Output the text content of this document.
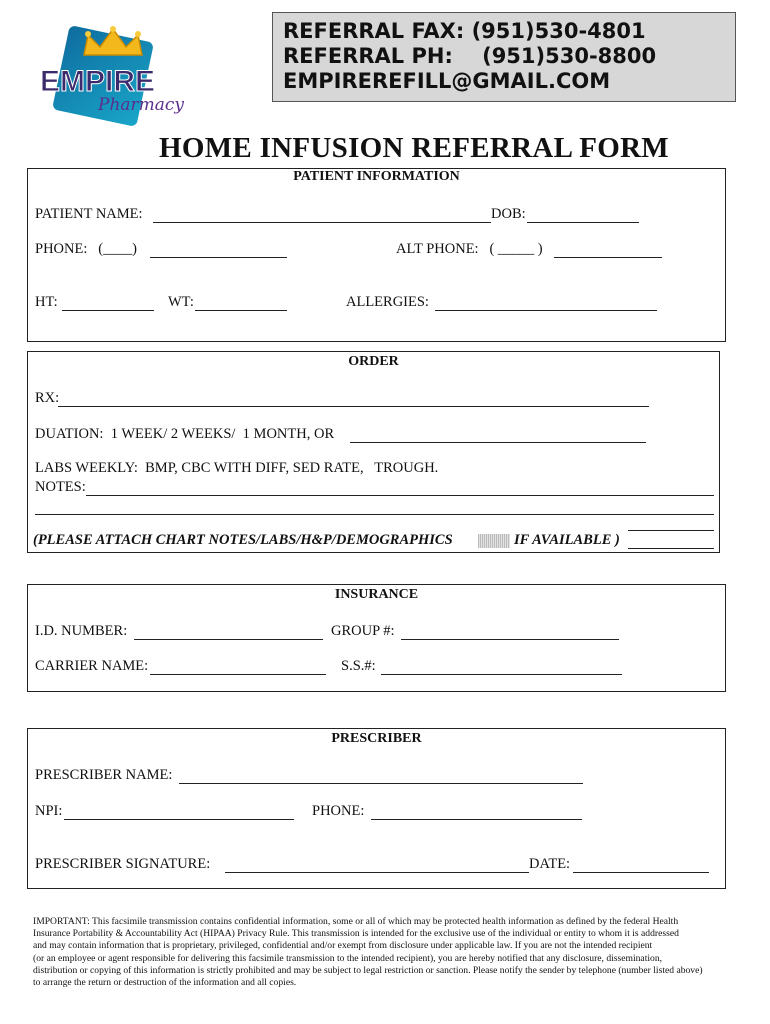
EMPIRE
Pharmacy
REFERRAL FAX: (951)530-4801
REFERRAL PH:    (951)530-8800
EMPIREREFILL@GMAIL.COM
HOME INFUSION REFERRAL FORM
PATIENT INFORMATION
PATIENT NAME:	DOB:
PHONE:   (____)	ALT PHONE:   ( _____ )
HT:	WT:	ALLERGIES:
ORDER
RX:
DUATION:  1 WEEK/ 2 WEEKS/  1 MONTH, OR
LABS WEEKLY:  BMP, CBC WITH DIFF, SED RATE,   TROUGH.
NOTES:
(PLEASE ATTACH CHART NOTES/LABS/H&P/DEMOGRAPHICS	IF AVAILABLE )
INSURANCE
I.D. NUMBER:	GROUP #:
CARRIER NAME:	S.S.#:
PRESCRIBER
PRESCRIBER NAME:
NPI:	PHONE:
PRESCRIBER SIGNATURE:	DATE:
IMPORTANT: This facsimile transmission contains confidential information, some or all of which may be protected health information as defined by the federal Health
Insurance Portability & Accountability Act (HIPAA) Privacy Rule. This transmission is intended for the exclusive use of the individual or entity to whom it is addressed
and may contain information that is proprietary, privileged, confidential and/or exempt from disclosure under applicable law. If you are not the intended recipient
(or an employee or agent responsible for delivering this facsimile transmission to the intended recipient), you are hereby notified that any disclosure, dissemination,
distribution or copying of this information is strictly prohibited and may be subject to legal restriction or sanction. Please notify the sender by telephone (number listed above)
to arrange the return or destruction of the information and all copies.
